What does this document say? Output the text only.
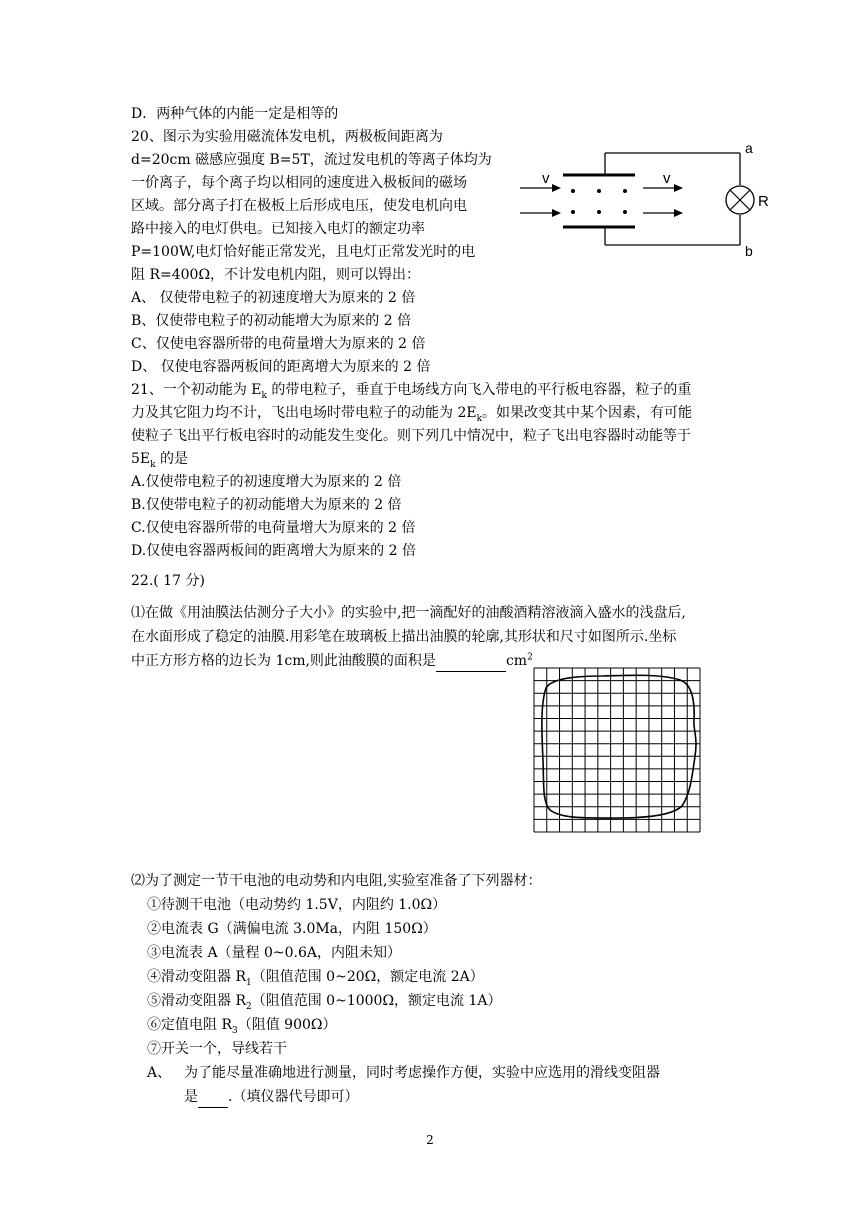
D．两种气体的内能一定是相等的
20、图示为实验用磁流体发电机，两极板间距离为
d=20cm 磁感应强度 B=5T，流过发电机的等离子体均为
一价离子，每个离子均以相同的速度进入极板间的磁场
区域。部分离子打在极板上后形成电压，使发电机向电
路中接入的电灯供电。已知接入电灯的额定功率
P=100W,电灯恰好能正常发光，且电灯正常发光时的电
阻 R=400Ω，不计发电机内阻，则可以锝出：
A、 仅使带电粒子的初速度增大为原来的 2 倍
B、仅使带电粒子的初动能增大为原来的 2 倍
C、仅使电容器所带的电荷量增大为原来的 2 倍
D、 仅使电容器两板间的距离增大为原来的 2 倍
v	v
a
b
R
21、一个初动能为 $E_k$ 的带电粒子，垂直于电场线方向飞入带电的平行板电容器，粒子的重
力及其它阻力均不计，飞出电场时带电粒子的动能为 $2E_k$。如果改变其中某个因素，有可能
使粒子飞出平行板电容时的动能发生变化。则下列几中情况中，粒子飞出电容器时动能等于
$5E_k$ 的是
A.仅使带电粒子的初速度增大为原来的 2 倍
B.仅使带电粒子的初动能增大为原来的 2 倍
C.仅使电容器所带的电荷量增大为原来的 2 倍
D.仅使电容器两板间的距离增大为原来的 2 倍
22.( 17 分)
⑴在做《用油膜法估测分子大小》的实验中,把一滴配好的油酸酒精溶液滴入盛水的浅盘后,
在水面形成了稳定的油膜.用彩笔在玻璃板上描出油膜的轮廓,其形状和尺寸如图所示.坐标
中正方形方格的边长为 1cm,则此油酸膜的面积是	$cm^2$
⑵为了测定一节干电池的电动势和内电阻,实验室准备了下列器材：
①待测干电池（电动势约 1.5V，内阻约 1.0Ω）
②电流表 G（满偏电流 3.0Ma，内阻 150Ω）
③电流表 A（量程 0~0.6A，内阻未知）
④滑动变阻器 $R_1$（阻值范围 0~20Ω，额定电流 2A）
⑤滑动变阻器 $R_2$（阻值范围 0~1000Ω，额定电流 1A）
⑥定值电阻 $R_3$（阻值 900Ω）
⑦开关一个，导线若干
A、 为了能尽量准确地进行测量，同时考虑操作方便，实验中应选用的滑线变阻器
是 .（填仪器代号即可）
2
